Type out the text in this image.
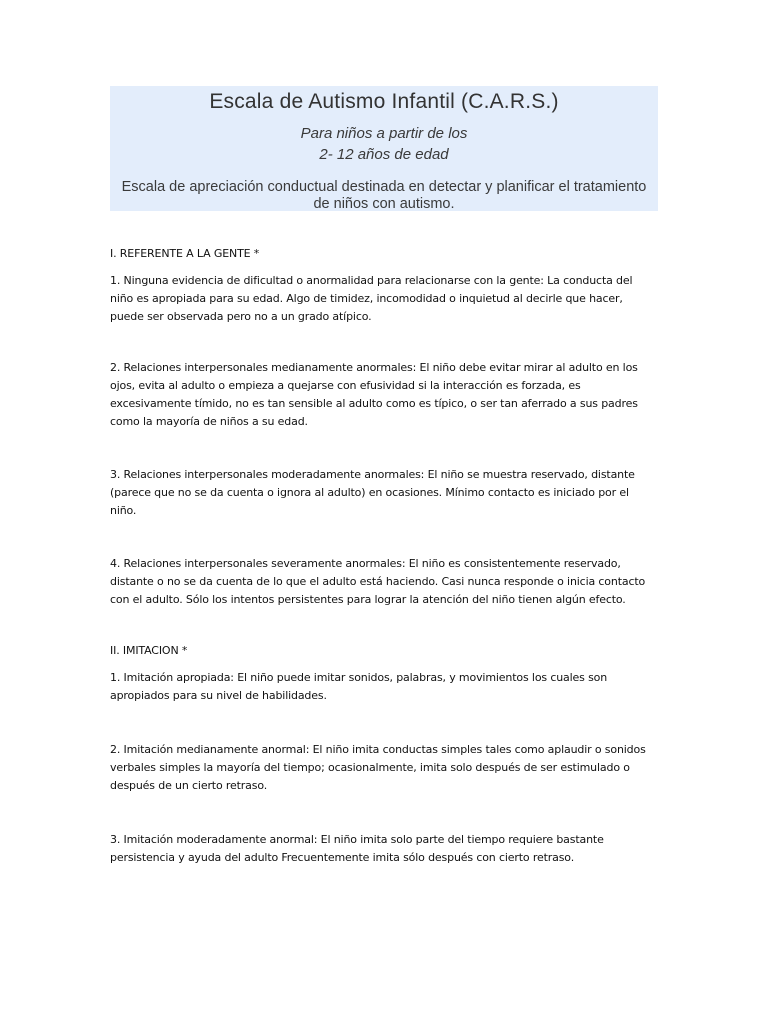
Escala de Autismo Infantil (C.A.R.S.)
Para niños a partir de los
2- 12 años de edad
Escala de apreciación conductual destinada en detectar y planificar el tratamiento de niños con autismo.

I. REFERENTE A LA GENTE *

1. Ninguna evidencia de dificultad o anormalidad para relacionarse con la gente: La conducta del niño es apropiada para su edad. Algo de timidez, incomodidad o inquietud al decirle que hacer, puede ser observada pero no a un grado atípico.

2. Relaciones interpersonales medianamente anormales: El niño debe evitar mirar al adulto en los ojos, evita al adulto o empieza a quejarse con efusividad si la interacción es forzada, es excesivamente tímido, no es tan sensible al adulto como es típico, o ser tan aferrado a sus padres como la mayoría de niños a su edad.

3. Relaciones interpersonales moderadamente anormales: El niño se muestra reservado, distante (parece que no se da cuenta o ignora al adulto) en ocasiones. Mínimo contacto es iniciado por el niño.

4. Relaciones interpersonales severamente anormales: El niño es consistentemente reservado, distante o no se da cuenta de lo que el adulto está haciendo. Casi nunca responde o inicia contacto con el adulto. Sólo los intentos persistentes para lograr la atención del niño tienen algún efecto.

II. IMITACION *

1. Imitación apropiada: El niño puede imitar sonidos, palabras, y movimientos los cuales son apropiados para su nivel de habilidades.

2. Imitación medianamente anormal: El niño imita conductas simples tales como aplaudir o sonidos verbales simples la mayoría del tiempo; ocasionalmente, imita solo después de ser estimulado o después de un cierto retraso.

3. Imitación moderadamente anormal: El niño imita solo parte del tiempo requiere bastante persistencia y ayuda del adulto Frecuentemente imita sólo después con cierto retraso.
